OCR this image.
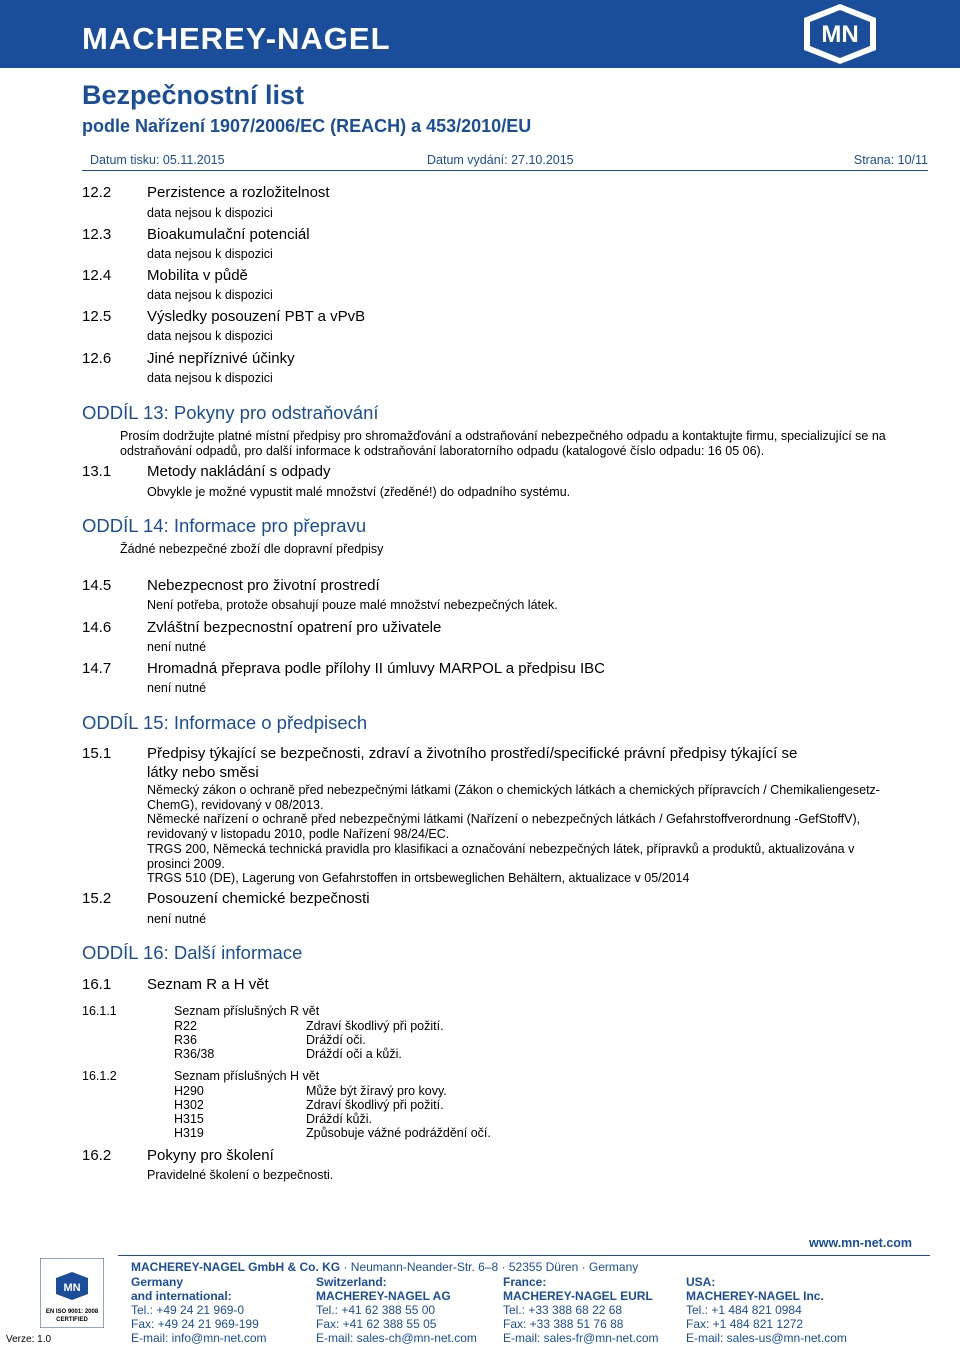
MACHEREY-NAGEL	MN
Bezpečnostní list
podle Nařízení 1907/2006/EC (REACH) a 453/2010/EU
Datum tisku: 05.11.2015	Datum vydání: 27.10.2015	Strana: 10/11
12.2 Perzistence a rozložitelnost
data nejsou k dispozici
12.3 Bioakumulační potenciál
data nejsou k dispozici
12.4 Mobilita v půdě
data nejsou k dispozici
12.5 Výsledky posouzení PBT a vPvB
data nejsou k dispozici
12.6 Jiné nepříznivé účinky
data nejsou k dispozici
ODDÍL 13: Pokyny pro odstraňování
Prosím dodržujte platné místní předpisy pro shromažďování a odstraňování nebezpečného odpadu a kontaktujte firmu, specializující se na
odstraňování odpadů, pro další informace k odstraňování laboratorního odpadu (katalogové číslo odpadu: 16 05 06).
13.1 Metody nakládání s odpady
Obvykle je možné vypustit malé množství (zředěné!) do odpadního systému.
ODDÍL 14: Informace pro přepravu
Žádné nebezpečné zboží dle dopravní předpisy
14.5 Nebezpecnost pro životní prostredí
Není potřeba, protože obsahují pouze malé množství nebezpečných látek.
14.6 Zvláštní bezpecnostní opatrení pro uživatele
není nutné
14.7 Hromadná přeprava podle přílohy II úmluvy MARPOL a předpisu IBC
není nutné
ODDÍL 15: Informace o předpisech
15.1 Předpisy týkající se bezpečnosti, zdraví a životního prostředí/specifické právní předpisy týkající se
látky nebo směsi
Německý zákon o ochraně před nebezpečnými látkami (Zákon o chemických látkách a chemických přípravcích / Chemikaliengesetz-
ChemG), revidovaný v 08/2013.
Německé nařízení o ochraně před nebezpečnými látkami (Nařízení o nebezpečných látkách / Gefahrstoffverordnung -GefStoffV),
revidovaný v listopadu 2010, podle Nařízení 98/24/EC.
TRGS 200, Německá technická pravidla pro klasifikaci a označování nebezpečných látek, přípravků a produktů, aktualizována v
prosinci 2009.
TRGS 510 (DE), Lagerung von Gefahrstoffen in ortsbeweglichen Behältern, aktualizace v 05/2014
15.2 Posouzení chemické bezpečnosti
není nutné
ODDÍL 16: Další informace
16.1 Seznam R a H vět
16.1.1	Seznam příslušných R vět
R22	Zdraví škodlivý při požití.
R36	Dráždí oči.
R36/38	Dráždí oči a kůži.
16.1.2	Seznam příslušných H vět
H290	Může být žíravý pro kovy.
H302	Zdraví škodlivý při požití.
H315	Dráždí kůži.
H319	Způsobuje vážné podráždění očí.
16.2 Pokyny pro školení
Pravidelné školení o bezpečnosti.
www.mn-net.com
MN
EN ISO 9001: 2008
CERTIFIED
Verze: 1.0
MACHEREY-NAGEL GmbH & Co. KG · Neumann-Neander-Str. 6–8 · 52355 Düren · Germany
Germany
and international:
Tel.: +49 24 21 969-0
Fax: +49 24 21 969-199
E-mail: info@mn-net.com
Switzerland:
MACHEREY-NAGEL AG
Tel.: +41 62 388 55 00
Fax: +41 62 388 55 05
E-mail: sales-ch@mn-net.com
France:
MACHEREY-NAGEL EURL
Tel.: +33 388 68 22 68
Fax: +33 388 51 76 88
E-mail: sales-fr@mn-net.com
USA:
MACHEREY-NAGEL Inc.
Tel.: +1 484 821 0984
Fax: +1 484 821 1272
E-mail: sales-us@mn-net.com
